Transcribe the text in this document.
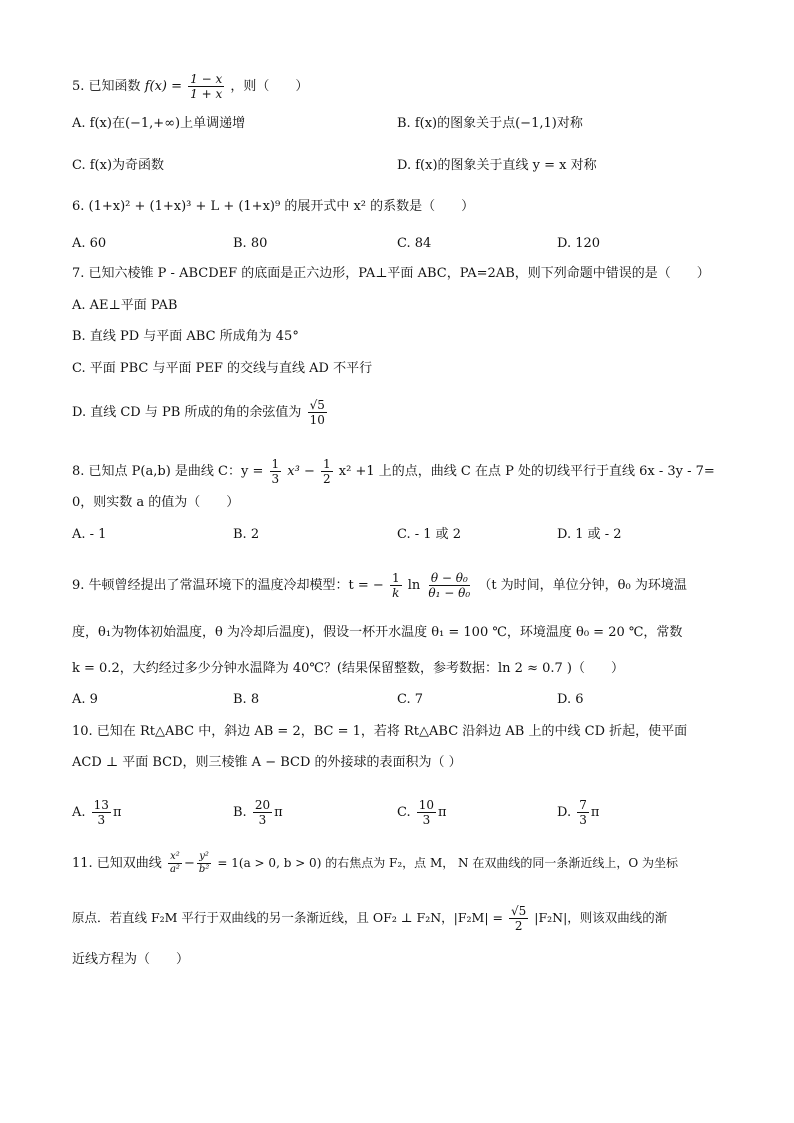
5. 已知函数 $f(x) = \frac{1 - x}{1 + x}$ ，则（　　）
A. f(x)在(−1,+∞)上单调递增	B. f(x)的图象关于点(−1,1)对称
C. f(x)为奇函数	D. f(x)的图象关于直线 y = x 对称
6. (1+x)² + (1+x)³ + L + (1+x)⁹ 的展开式中 x² 的系数是（　　）
A. 60	B. 80	C. 84	D. 120
7. 已知六棱锥 P - ABCDEF 的底面是正六边形，PA⊥平面 ABC，PA=2AB，则下列命题中错误的是（　　）
A. AE⊥平面 PAB
B. 直线 PD 与平面 ABC 所成角为 45°
C. 平面 PBC 与平面 PEF 的交线与直线 AD 不平行
D. 直线 CD 与 PB 所成的角的余弦值为 $\frac{√5}{10}$
8. 已知点 P(a,b) 是曲线 C：$y = \frac{1}{3} x^3 - \frac{1}{2} x^2 +1$ 上的点，曲线 C 在点 P 处的切线平行于直线 6x - 3y - 7=
0，则实数 a 的值为（　　）
A. - 1	B. 2	C. - 1 或 2	D. 1 或 - 2
9. 牛顿曾经提出了常温环境下的温度冷却模型：t = − $\frac{1}{k}$ $\ln \frac{\text{θ − θ₀}}{\text{θ₁ − θ₀}} (t$ 为时间，单位分钟，θ₀ 为环境温
度，θ₁为物体初始温度，θ 为冷却后温度)，假设一杯开水温度 θ₁ = 100 ℃，环境温度 θ₀ = 20 ℃，常数
k = 0.2，大约经过多少分钟水温降为 40℃？(结果保留整数，参考数据：ln 2 ≈ 0.7 )（　　）
A. 9	B. 8	C. 7	D. 6
10. 已知在 Rt△ABC 中，斜边 AB = 2，BC = 1，若将 Rt△ABC 沿斜边 AB 上的中线 CD 折起，使平面
ACD ⊥ 平面 BCD，则三棱锥 A − BCD 的外接球的表面积为（ ）
A. $\frac{13}{3}$ π	B. $\frac{20}{3}$ π	C. $\frac{10}{3}$ π	D. $\frac{7}{3}$ π
11. 已知双曲线 $\frac{\text{x²}}{\text{a²}} - \frac{\text{y²}}{\text{b²}} = 1(a > 0$, b > 0) 的右焦点为 F₂，点 M， N 在双曲线的同一条渐近线上，O 为坐标
原点．若直线 F₂M 平行于双曲线的另一条渐近线，且 OF₂ ⊥ F₂N，$|F_2M| = \frac{√5}{2} |F_2N|$，则该双曲线的渐
近线方程为（　　）
